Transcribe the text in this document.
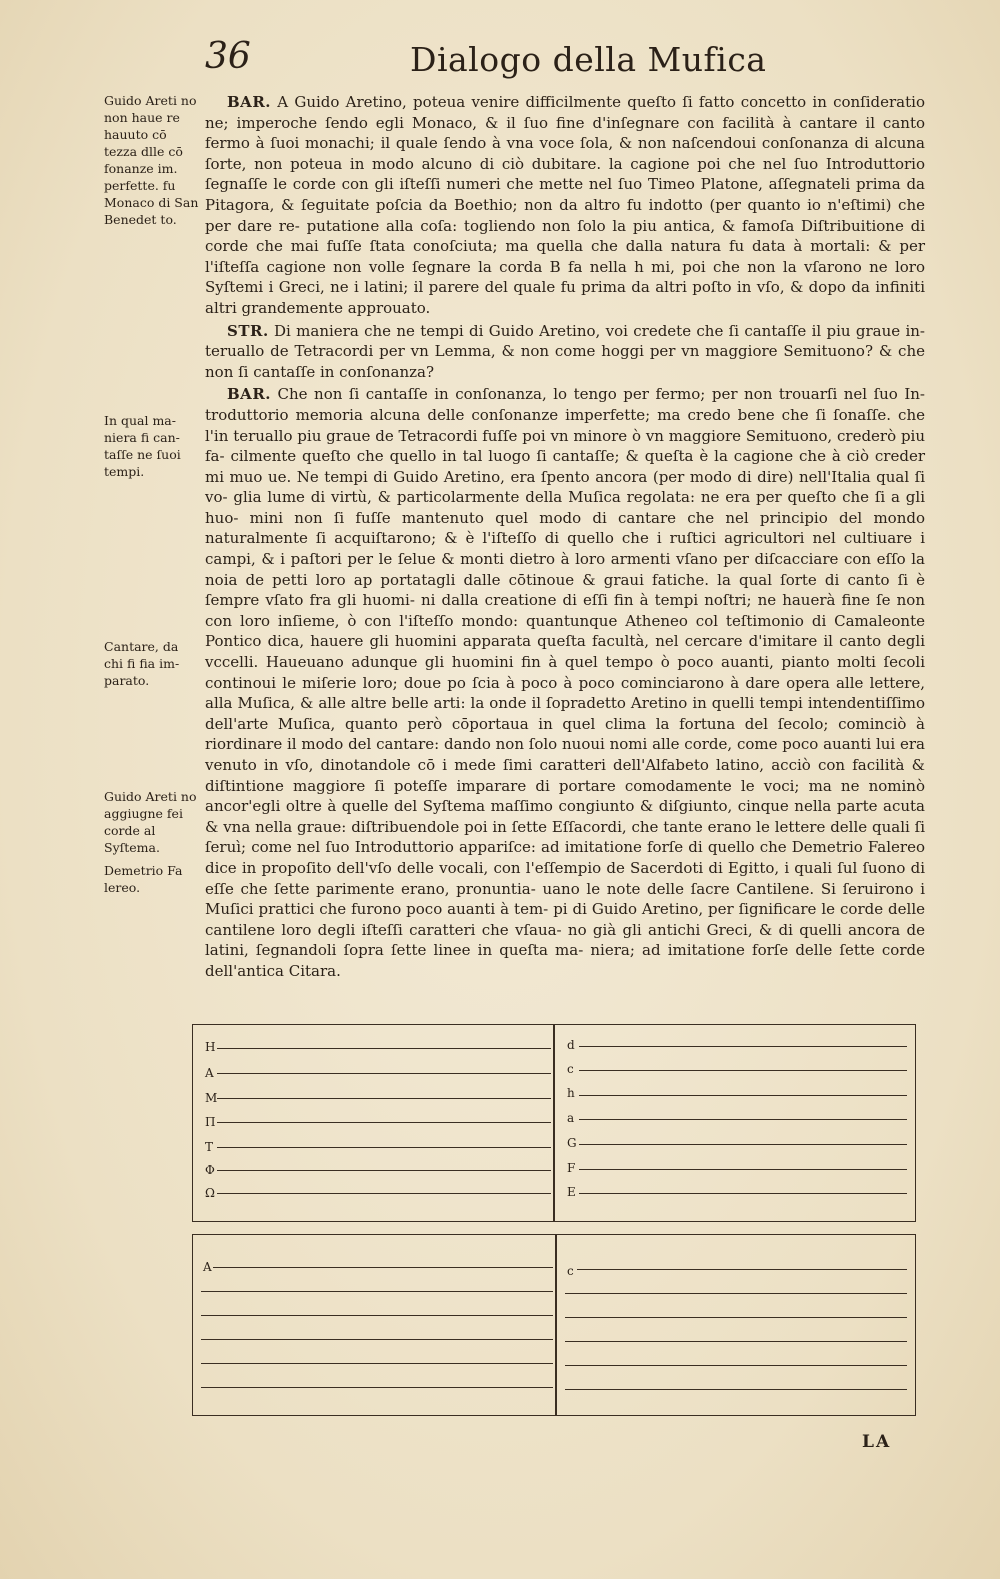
36	Dialogo della Mufica
Guido Areti no non haue re hauuto cō tezza dlle cō fonanze im. perfette. fu Monaco di San Benedet to.
In qual ma- niera fi can- taſſe ne ſuoi tempi.
Cantare, da chi fi fia im- parato.
Guido Areti no aggiugne fei corde al Syſtema.
Demetrio Fa lereo.

BAR. A Guido Aretino, poteua venire difficilmente queſto ſi fatto concetto in conſideratio ne; imperoche ſendo egli Monaco, & il ſuo fine d'inſegnare con facilità à cantare il canto fermo à ſuoi monachi; il quale ſendo à vna voce ſola, & non naſcendoui conſonanza di alcuna ſorte, non poteua in modo alcuno di ciò dubitare. la cagione poi che nel ſuo Introduttorio ſegnaſſe le corde con gli iſteſſi numeri che mette nel ſuo Timeo Platone, aſſegnateli prima da Pitagora, & ſeguitate poſcia da Boethio; non da altro fu indotto (per quanto io n'eſtimi) che per dare re- putatione alla coſa: togliendo non ſolo la piu antica, & famoſa Diſtribuitione di corde che mai fuſſe ſtata conoſciuta; ma quella che dalla natura fu data à mortali: & per l'iſteſſa cagione non volle ſegnare la corda B fa nella h mi, poi che non la vſarono ne loro Syſtemi i Greci, ne i latini; il parere del quale fu prima da altri poſto in vſo, & dopo da infiniti altri grandemente approuato.

STR. Di maniera che ne tempi di Guido Aretino, voi credete che ſi cantaſſe il piu graue in- teruallo de Tetracordi per vn Lemma, & non come hoggi per vn maggiore Semituono? & che non ſi cantaſſe in conſonanza?

BAR. Che non ſi cantaſſe in conſonanza, lo tengo per fermo; per non trouarſi nel ſuo In- troduttorio memoria alcuna delle conſonanze imperfette; ma credo bene che ſi ſonaſſe. che l'in teruallo piu graue de Tetracordi fuſſe poi vn minore ò vn maggiore Semituono, crederò piu fa- cilmente queſto che quello in tal luogo ſi cantaſſe; & queſta è la cagione che à ciò creder mi muo ue. Ne tempi di Guido Aretino, era ſpento ancora (per modo di dire) nell'Italia qual ſi vo- glia lume di virtù, & particolarmente della Muſica regolata: ne era per queſto che ſi a gli huo- mini non ſi fuſſe mantenuto quel modo di cantare che nel principio del mondo naturalmente ſi acquiſtarono; & è l'iſteſſo di quello che i ruſtici agricultori nel cultiuare i campi, & i paſtori per le ſelue & monti dietro à loro armenti vſano per diſcacciare con eſſo la noia de petti loro ap portatagli dalle cōtinoue & graui fatiche. la qual ſorte di canto ſi è ſempre vſato fra gli huomi- ni dalla creatione di eſſi fin à tempi noſtri; ne hauerà fine ſe non con loro inſieme, ò con l'iſteſſo mondo: quantunque Atheneo col teſtimonio di Camaleonte Pontico dica, hauere gli huomini apparata queſta facultà, nel cercare d'imitare il canto degli vccelli. Haueuano adunque gli huomini fin à quel tempo ò poco auanti, pianto molti ſecoli continoui le miſerie loro; doue po ſcia à poco à poco cominciarono à dare opera alle lettere, alla Muſica, & alle altre belle arti: la onde il ſopradetto Aretino in quelli tempi intendentiſſimo dell'arte Muſica, quanto però cōportaua in quel clima la fortuna del ſecolo; cominciò à riordinare il modo del cantare: dando non ſolo nuoui nomi alle corde, come poco auanti lui era venuto in vſo, dinotandole cō i mede ſimi caratteri dell'Alfabeto latino, acciò con facilità & diſtintione maggiore ſi poteſſe imparare di portare comodamente le voci; ma ne nominò ancor'egli oltre à quelle del Syſtema maſſimo congiunto & diſgiunto, cinque nella parte acuta & vna nella graue: diſtribuendole poi in ſette Eſſacordi, che tante erano le lettere delle quali ſi ſeruì; come nel ſuo Introduttorio appariſce: ad imitatione forſe di quello che Demetrio Falereo dice in propoſito dell'vſo delle vocali, con l'eſſempio de Sacerdoti di Egitto, i quali ſul ſuono di eſſe che ſette parimente erano, pronuntia- uano le note delle ſacre Cantilene. Si ſeruirono i Muſici prattici che furono poco auanti à tem- pi di Guido Aretino, per ſignificare le corde delle cantilene loro degli iſteſſi caratteri che vſaua- no già gli antichi Greci, & di quelli ancora de latini, ſegnandoli ſopra ſette linee in queſta ma- niera; ad imitatione forſe delle ſette corde dell'antica Citara.

H
A
M
Π
T
Φ
Ω
d
c
h
a
G
F
E
A	c
LA
